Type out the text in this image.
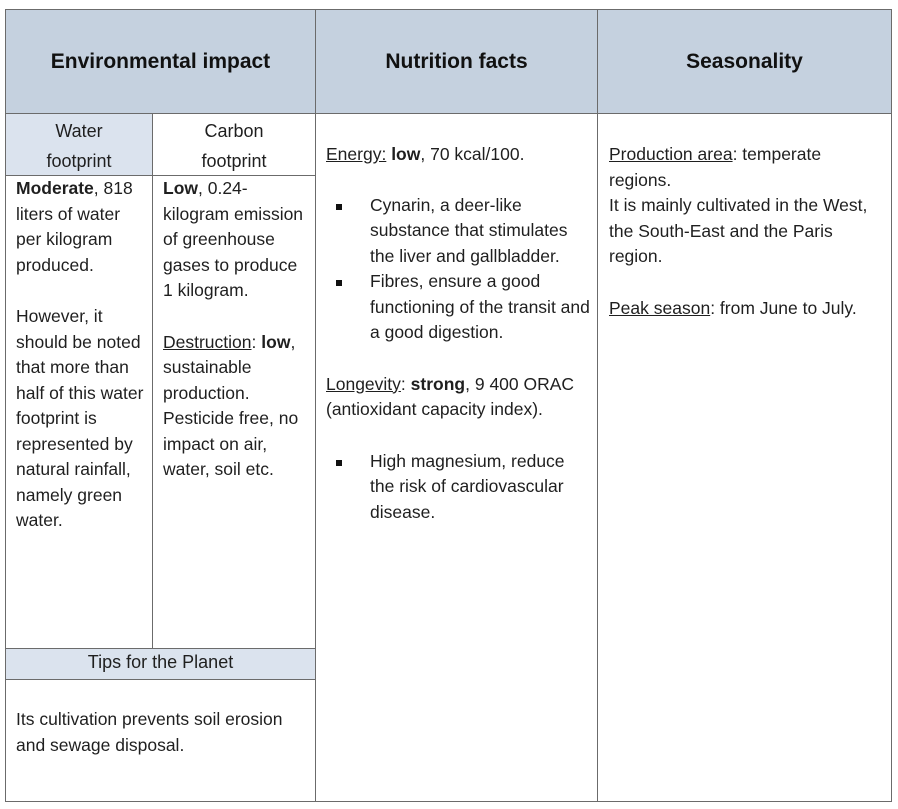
Environmental impact	Nutrition facts	Seasonality
Water
footprint
Carbon
footprint
Moderate, 818 liters of water per kilogram produced.
However, it should be noted that more than half of this water footprint is represented by natural rainfall, namely green water.
Low, 0.24-kilogram emission of greenhouse gases to produce 1 kilogram.
Destruction: low, sustainable production. Pesticide free, no impact on air, water, soil etc.
Tips for the Planet
Its cultivation prevents soil erosion and sewage disposal.
Energy: low, 70 kcal/100.
Cynarin, a deer-like substance that stimulates the liver and gallbladder.
Fibres, ensure a good functioning of the transit and a good digestion.
Longevity: strong, 9 400 ORAC (antioxidant capacity index).
High magnesium, reduce the risk of cardiovascular disease.
Production area: temperate regions.
It is mainly cultivated in the West, the South-East and the Paris region.
Peak season: from June to July.
